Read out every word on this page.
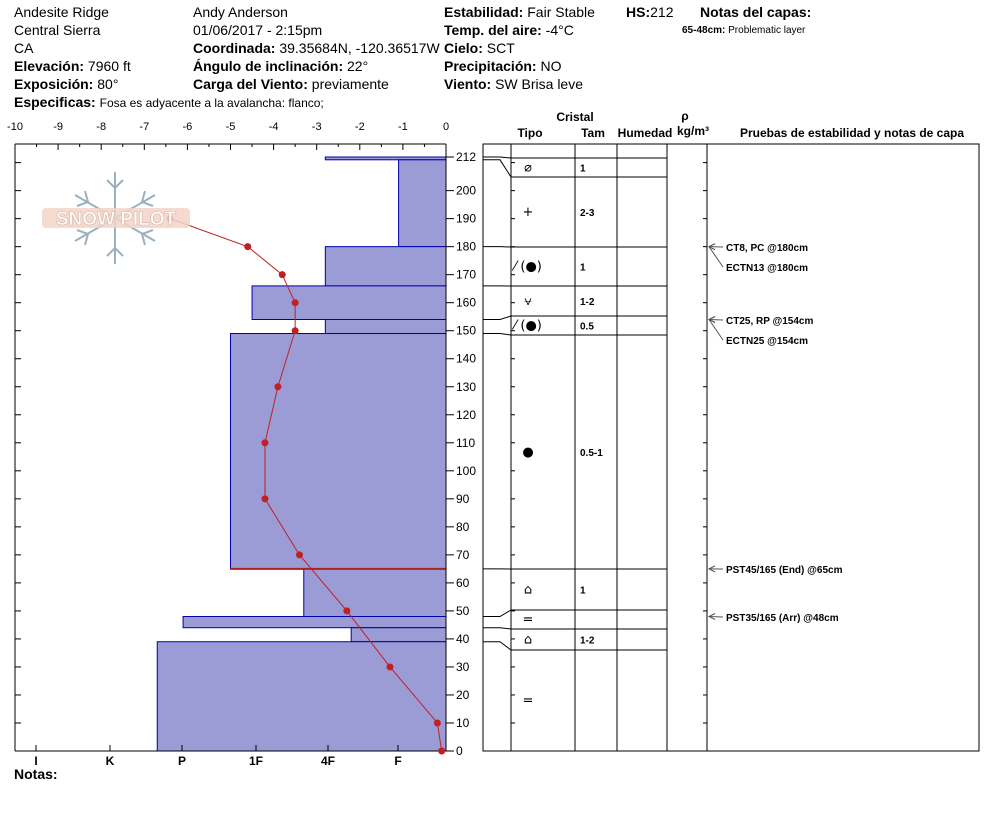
Andesite Ridge
Central Sierra
CA
Elevación: 7960 ft
Exposición: 80°
Especificas: Fosa es adyacente a la avalancha: flanco;
Andy Anderson
01/06/2017 - 2:15pm
Coordinada: 39.35684N, -120.36517W
Ángulo de inclinación: 22°
Carga del Viento: previamente
Estabilidad: Fair Stable
Temp. del aire: -4°C
Cielo: SCT
Precipitación: NO
Viento: SW Brisa leve
HS:212 Notas del capas:
65-48cm: Problematic layer
Notas:
-10	-9	-8	-7	-6	-5	-4	-3	-2	-1	0
I	K	P	1F	4F	F
0
10
20
30
40
50
60
70
80
90
100
110
120
130
140
150
160
170
180
190
200
212
Cristal
Tipo	Tam Humedad
ρ
kg/m³	Pruebas de estabilidad y notas de capa
⌀	1
+	2-3
⁄ (●)	1
⩝	1-2
⁄ (●)	0.5
●	0.5-1
⌂	1
=
⌂	1-2
=
CT8, PC @180cm
ECTN13 @180cm
CT25, RP @154cm
ECTN25 @154cm
PST45/165 (End) @65cm
PST35/165 (Arr) @48cm
SNOW PILOT
